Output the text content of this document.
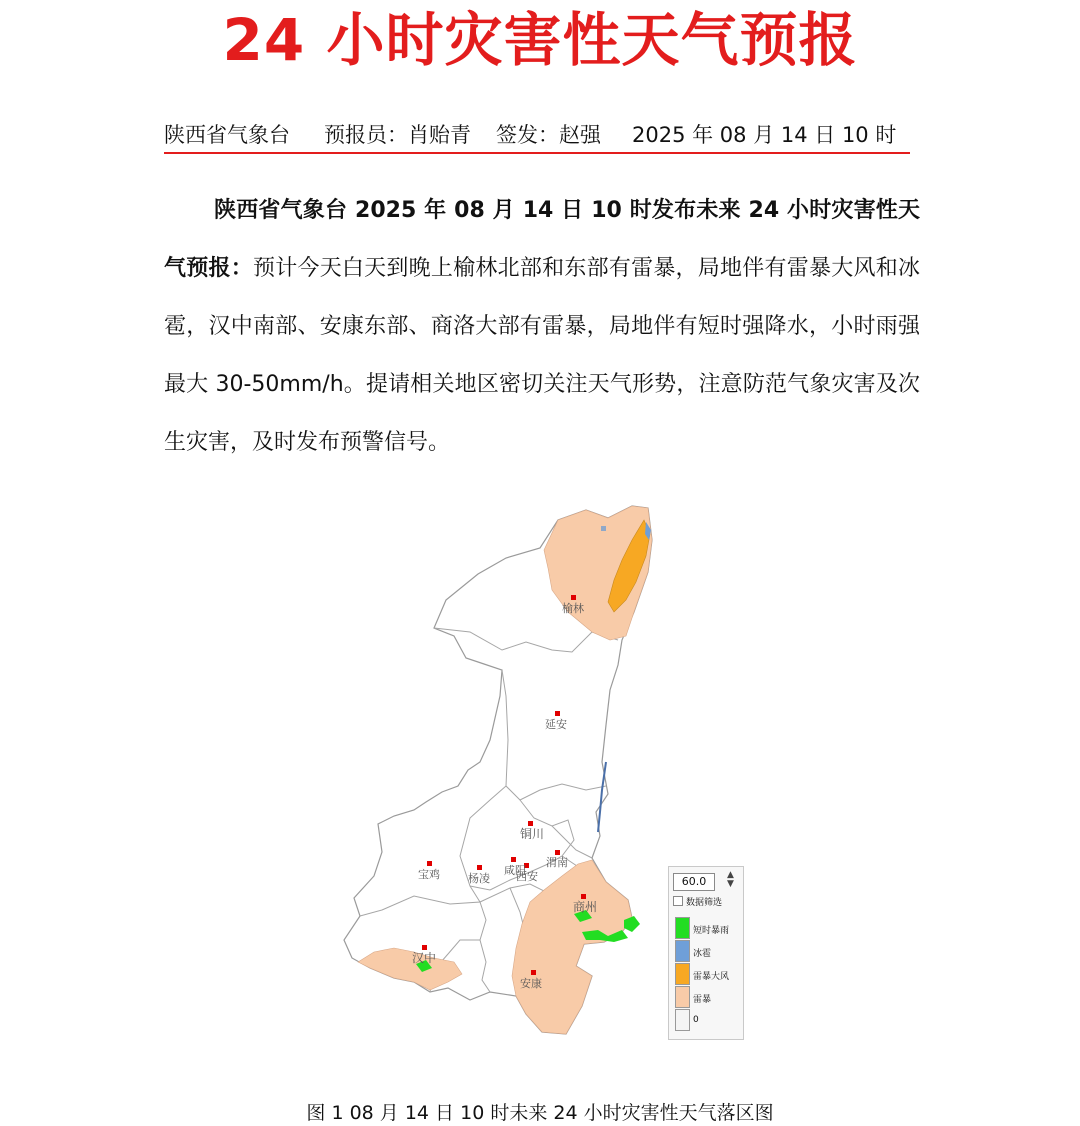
24 小时灾害性天气预报
陕西省气象台 预报员：肖贻青 签发：赵强 2025 年 08 月 14 日 10 时
陕西省气象台 2025 年 08 月 14 日 10 时发布未来 24 小时灾害性天气预报：预计今天白天到晚上榆林北部和东部有雷暴，局地伴有雷暴大风和冰雹，汉中南部、安康东部、商洛大部有雷暴，局地伴有短时强降水，小时雨强最大 30-50mm/h。提请相关地区密切关注天气形势，注意防范气象灾害及次生灾害，及时发布预警信号。
榆林
延安
铜川
宝鸡	杨凌
咸阳
西安
渭南
商州
汉中
安康
60.0	▲
▼
数据筛选
短时暴雨
冰雹
雷暴大风
雷暴
0
图 1 08 月 14 日 10 时未来 24 小时灾害性天气落区图
